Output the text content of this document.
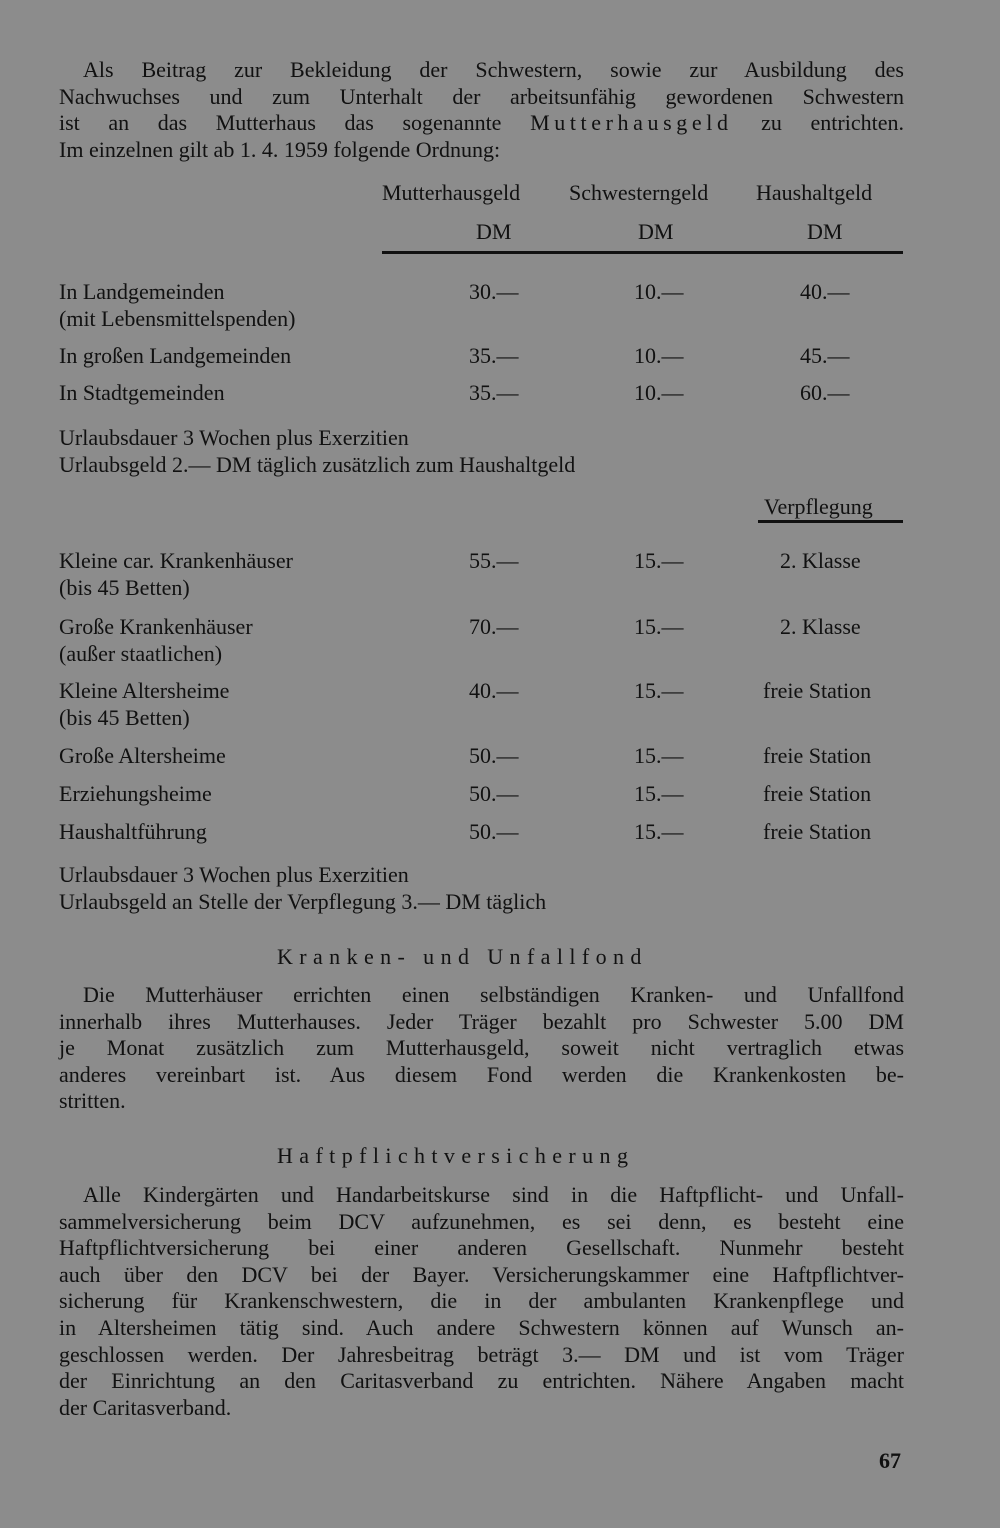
Als Beitrag zur Bekleidung der Schwestern, sowie zur Ausbildung des

Nachwuchses und zum Unterhalt der arbeitsunfähig gewordenen Schwestern

ist an das Mutterhaus das sogenannte Mutterhausgeld zu entrichten.

Im einzelnen gilt ab 1. 4. 1959 folgende Ordnung:

Mutterhausgeld Schwesterngeld Haushaltgeld
DM	DM	DM
In Landgemeinden
(mit Lebensmittelspenden)
30.—	10.—	40.—
In großen Landgemeinden	35.—	10.—	45.—
In Stadtgemeinden	35.—	10.—	60.—
Urlaubsdauer 3 Wochen plus Exerzitien
Urlaubsgeld 2.— DM täglich zusätzlich zum Haushaltgeld
Verpflegung
Kleine car. Krankenhäuser
(bis 45 Betten)
55.—	15.—	2. Klasse
Große Krankenhäuser
(außer staatlichen)
70.—	15.—	2. Klasse
Kleine Altersheime
(bis 45 Betten)
40.—	15.—	freie Station
Große Altersheime	50.—	15.—	freie Station
Erziehungsheime	50.—	15.—	freie Station
Haushaltführung	50.—	15.—	freie Station
Urlaubsdauer 3 Wochen plus Exerzitien
Urlaubsgeld an Stelle der Verpflegung 3.— DM täglich
Kranken- und Unfallfond

Die Mutterhäuser errichten einen selbständigen Kranken- und Unfallfond

innerhalb ihres Mutterhauses. Jeder Träger bezahlt pro Schwester 5.00 DM

je Monat zusätzlich zum Mutterhausgeld, soweit nicht vertraglich etwas

anderes vereinbart ist. Aus diesem Fond werden die Krankenkosten be-

stritten.

Haftpflichtversicherung

Alle Kindergärten und Handarbeitskurse sind in die Haftpflicht- und Unfall-

sammelversicherung beim DCV aufzunehmen, es sei denn, es besteht eine

Haftpflichtversicherung bei einer anderen Gesellschaft. Nunmehr besteht

auch über den DCV bei der Bayer. Versicherungskammer eine Haftpflichtver-

sicherung für Krankenschwestern, die in der ambulanten Krankenpflege und

in Altersheimen tätig sind. Auch andere Schwestern können auf Wunsch an-

geschlossen werden. Der Jahresbeitrag beträgt 3.— DM und ist vom Träger

der Einrichtung an den Caritasverband zu entrichten. Nähere Angaben macht

der Caritasverband.

67
